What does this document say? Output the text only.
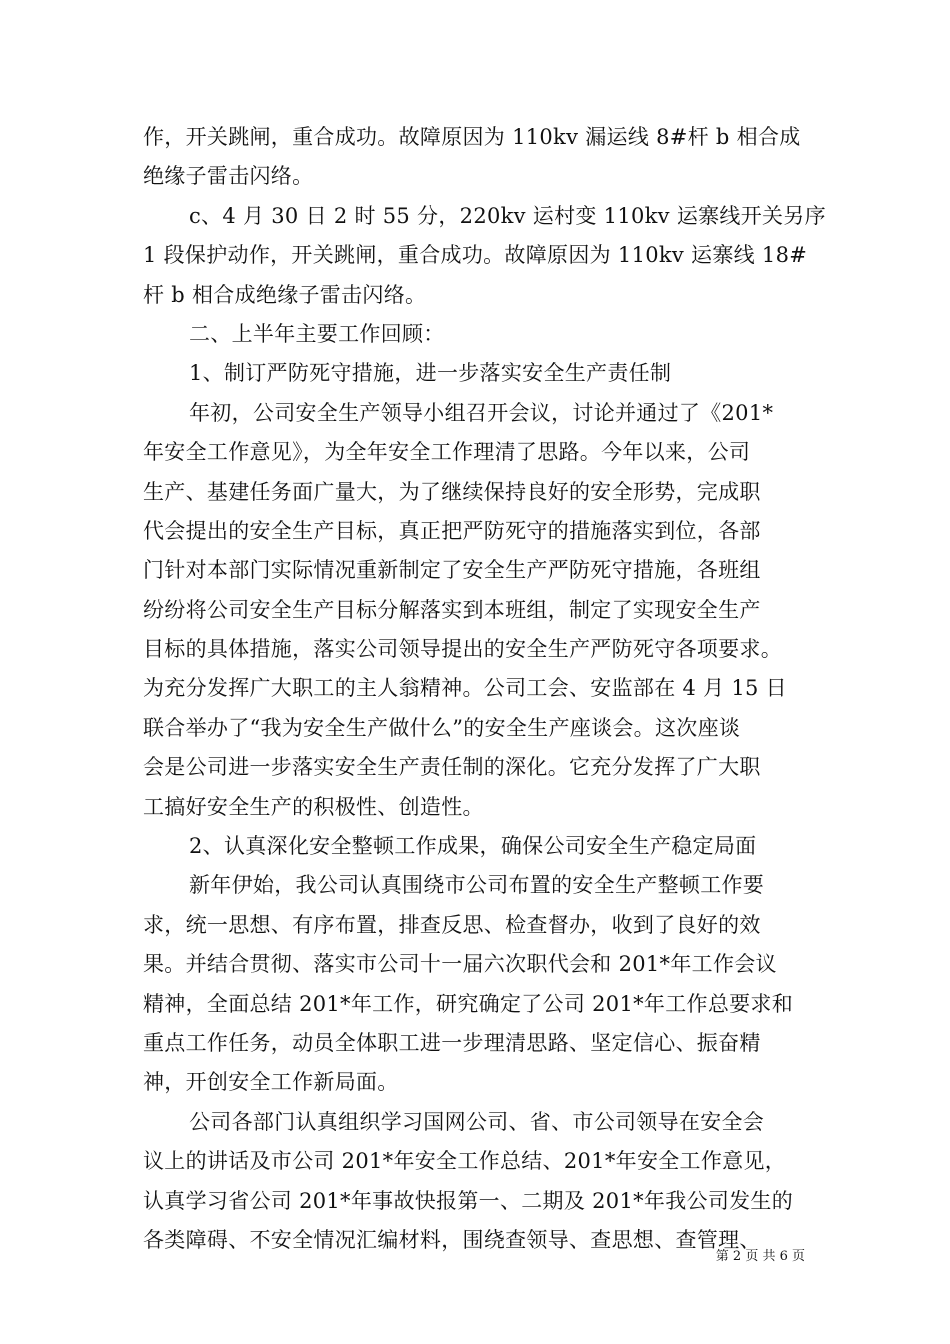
作，开关跳闸，重合成功。故障原因为 110kv 漏运线 8#杆 b 相合成
绝缘子雷击闪络。
c、4 月 30 日 2 时 55 分，220kv 运村变 110kv 运寨线开关另序
1 段保护动作，开关跳闸，重合成功。故障原因为 110kv 运寨线 18#
杆 b 相合成绝缘子雷击闪络。
二、上半年主要工作回顾：
1、制订严防死守措施，进一步落实安全生产责任制
年初，公司安全生产领导小组召开会议，讨论并通过了《201*
年安全工作意见》，为全年安全工作理清了思路。今年以来，公司
生产、基建任务面广量大，为了继续保持良好的安全形势，完成职
代会提出的安全生产目标，真正把严防死守的措施落实到位，各部
门针对本部门实际情况重新制定了安全生产严防死守措施，各班组
纷纷将公司安全生产目标分解落实到本班组，制定了实现安全生产
目标的具体措施，落实公司领导提出的安全生产严防死守各项要求。
为充分发挥广大职工的主人翁精神。公司工会、安监部在 4 月 15 日
联合举办了“我为安全生产做什么”的安全生产座谈会。这次座谈
会是公司进一步落实安全生产责任制的深化。它充分发挥了广大职
工搞好安全生产的积极性、创造性。
2、认真深化安全整顿工作成果，确保公司安全生产稳定局面
新年伊始，我公司认真围绕市公司布置的安全生产整顿工作要
求，统一思想、有序布置，排查反思、检查督办，收到了良好的效
果。并结合贯彻、落实市公司十一届六次职代会和 201*年工作会议
精神，全面总结 201*年工作，研究确定了公司 201*年工作总要求和
重点工作任务，动员全体职工进一步理清思路、坚定信心、振奋精
神，开创安全工作新局面。
公司各部门认真组织学习国网公司、省、市公司领导在安全会
议上的讲话及市公司 201*年安全工作总结、201*年安全工作意见，
认真学习省公司 201*年事故快报第一、二期及 201*年我公司发生的
各类障碍、不安全情况汇编材料，围绕查领导、查思想、查管理、
第 2 页 共 6 页
